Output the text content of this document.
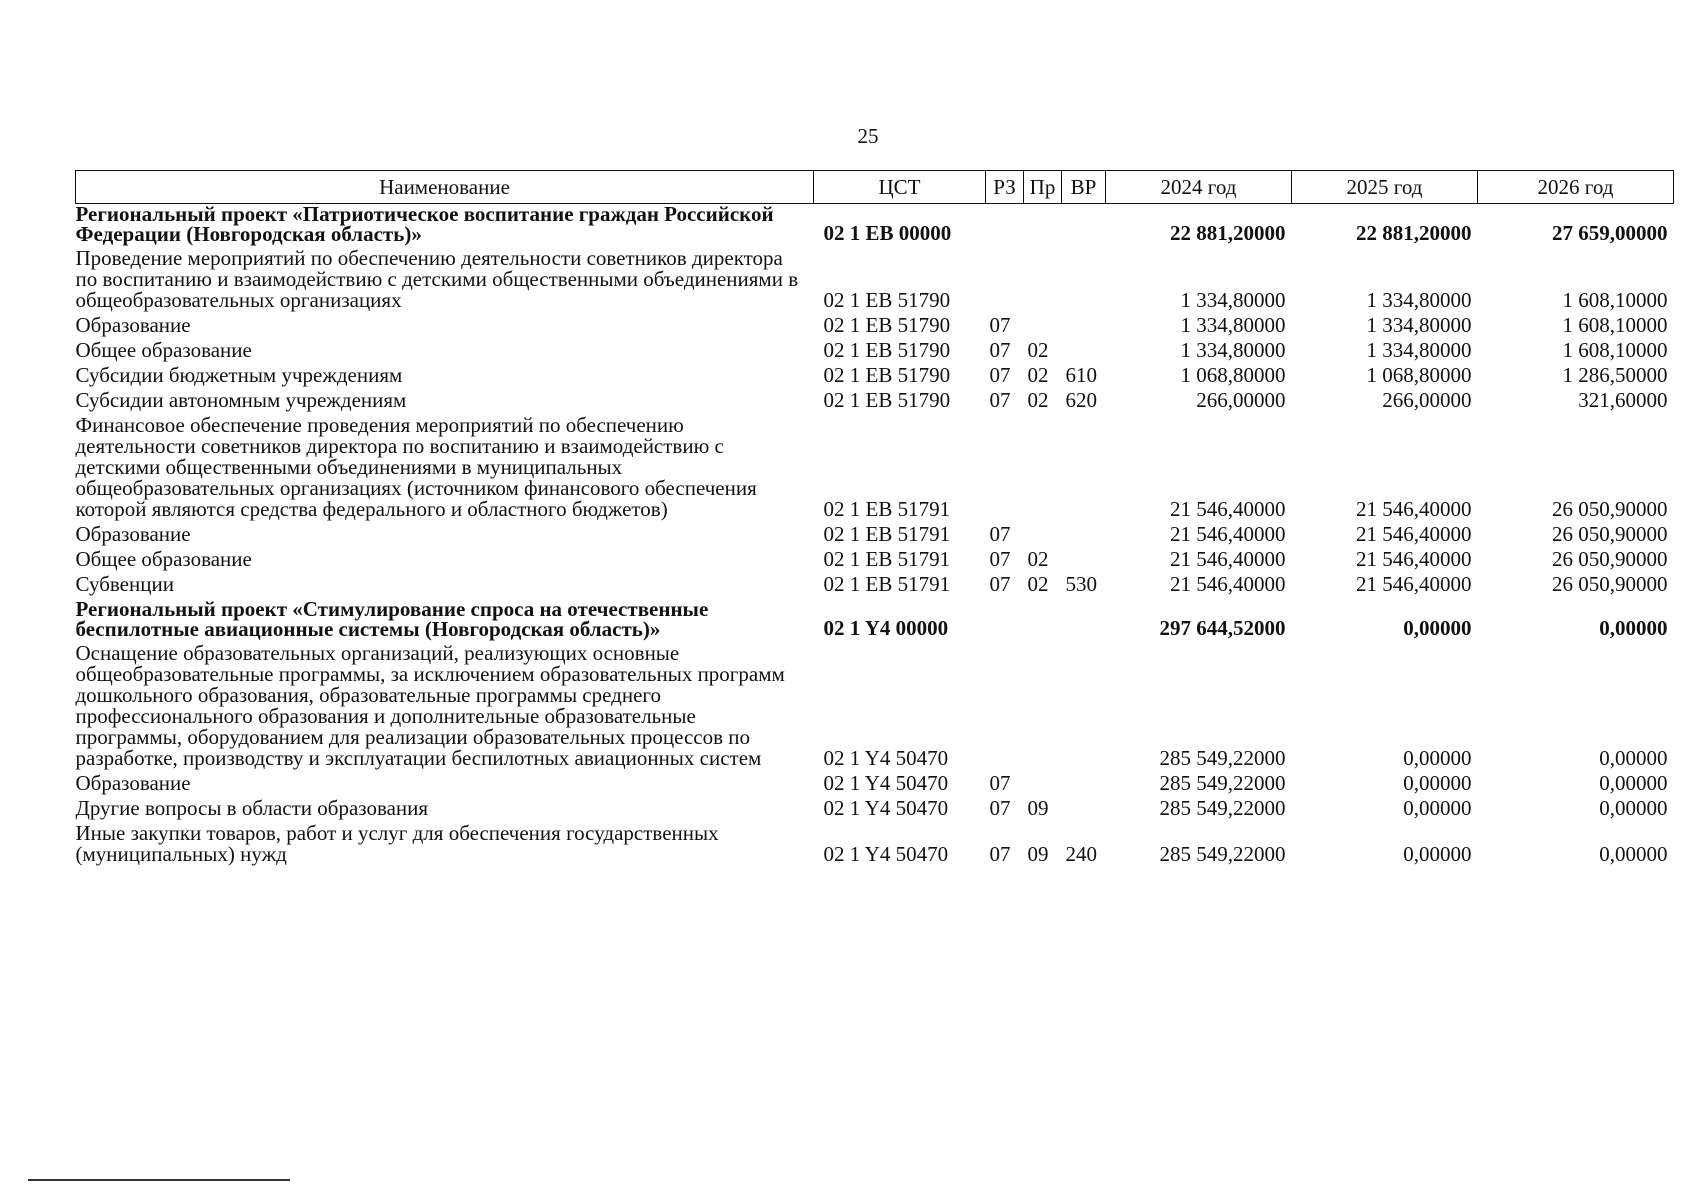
25
Наименование	ЦСТ	РЗ	Пр	ВР	2024 год	2025 год	2026 год
Региональный проект «Патриотическое воспитание граждан Российской Федерации (Новгородская область)»	02 1 ЕВ 00000				22 881,20000	22 881,20000	27 659,00000
Проведение мероприятий по обеспечению деятельности советников директора по воспитанию и взаимодействию с детскими общественными объединениями в общеобразовательных организациях	02 1 ЕВ 51790				1 334,80000	1 334,80000	1 608,10000
Образование	02 1 ЕВ 51790	07			1 334,80000	1 334,80000	1 608,10000
Общее образование	02 1 ЕВ 51790	07	02		1 334,80000	1 334,80000	1 608,10000
Субсидии бюджетным учреждениям	02 1 ЕВ 51790	07	02	610	1 068,80000	1 068,80000	1 286,50000
Субсидии автономным учреждениям	02 1 ЕВ 51790	07	02	620	266,00000	266,00000	321,60000
Финансовое обеспечение проведения мероприятий по обеспечению деятельности советников директора по воспитанию и взаимодействию с детскими общественными объединениями в муниципальных общеобразовательных организациях (источником финансового обеспечения которой являются средства федерального и областного бюджетов)	02 1 ЕВ 51791				21 546,40000	21 546,40000	26 050,90000
Образование	02 1 ЕВ 51791	07			21 546,40000	21 546,40000	26 050,90000
Общее образование	02 1 ЕВ 51791	07	02		21 546,40000	21 546,40000	26 050,90000
Субвенции	02 1 ЕВ 51791	07	02	530	21 546,40000	21 546,40000	26 050,90000
Региональный проект «Стимулирование спроса на отечественные беспилотные авиационные системы (Новгородская область)»	02 1 Y4 00000				297 644,52000	0,00000	0,00000
Оснащение образовательных организаций, реализующих основные общеобразовательные программы, за исключением образовательных программ дошкольного образования, образовательные программы среднего профессионального образования и дополнительные образовательные программы, оборудованием для реализации образовательных процессов по разработке, производству и эксплуатации беспилотных авиационных систем	02 1 Y4 50470				285 549,22000	0,00000	0,00000
Образование	02 1 Y4 50470	07			285 549,22000	0,00000	0,00000
Другие вопросы в области образования	02 1 Y4 50470	07	09		285 549,22000	0,00000	0,00000
Иные закупки товаров, работ и услуг для обеспечения государственных (муниципальных) нужд	02 1 Y4 50470	07	09	240	285 549,22000	0,00000	0,00000
